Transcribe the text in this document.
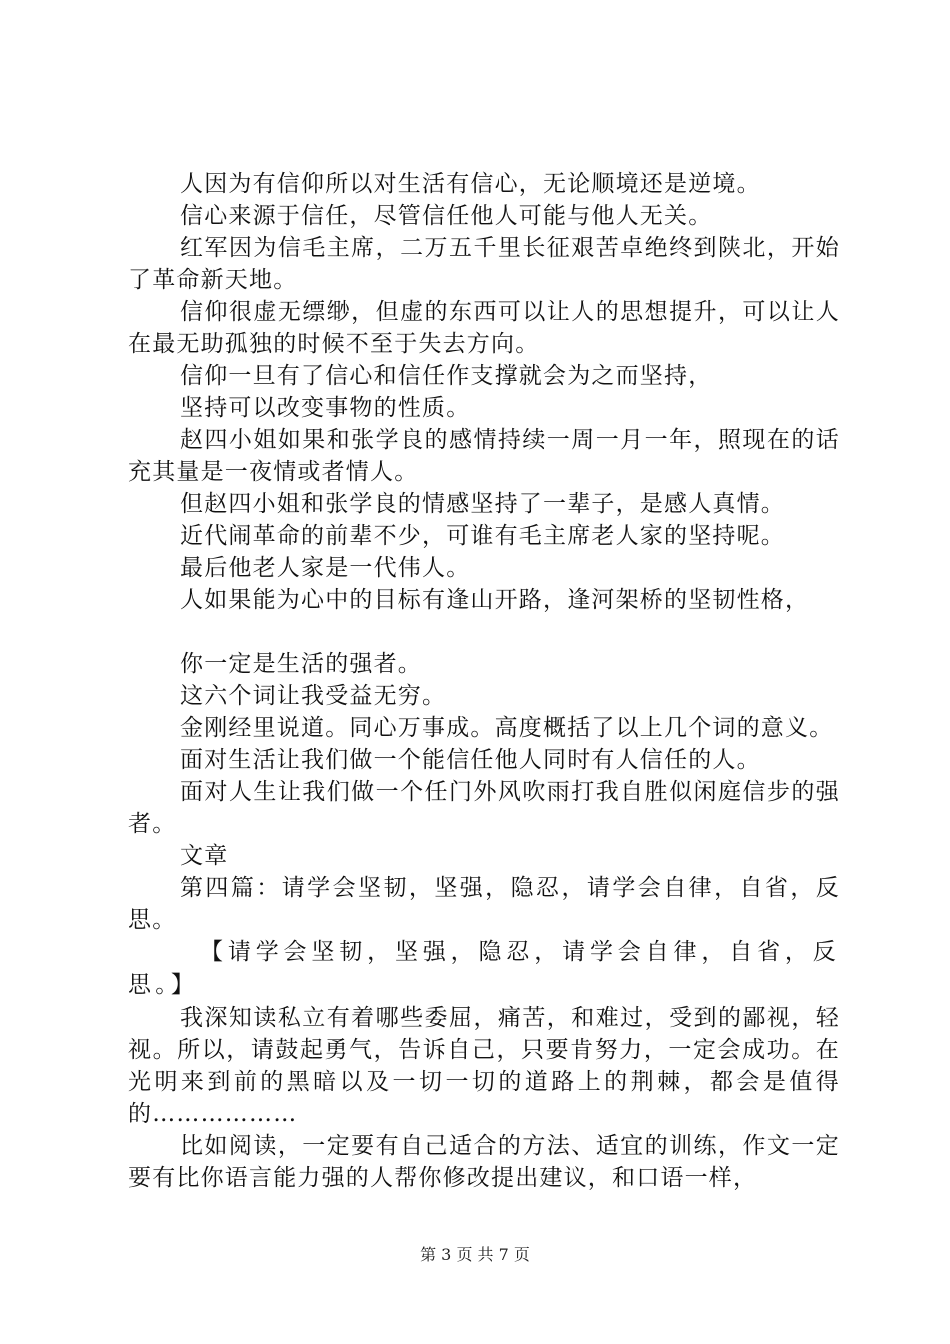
人因为有信仰所以对生活有信心，无论顺境还是逆境。

信心来源于信任，尽管信任他人可能与他人无关。

红军因为信毛主席，二万五千里长征艰苦卓绝终到陕北，开始了革命新天地。

信仰很虚无缥缈，但虚的东西可以让人的思想提升，可以让人在最无助孤独的时候不至于失去方向。

信仰一旦有了信心和信任作支撑就会为之而坚持，

坚持可以改变事物的性质。

赵四小姐如果和张学良的感情持续一周一月一年，照现在的话充其量是一夜情或者情人。

但赵四小姐和张学良的情感坚持了一辈子，是感人真情。

近代闹革命的前辈不少，可谁有毛主席老人家的坚持呢。

最后他老人家是一代伟人。

人如果能为心中的目标有逢山开路，逢河架桥的坚韧性格，

你一定是生活的强者。

这六个词让我受益无穷。

金刚经里说道。同心万事成。高度概括了以上几个词的意义。

面对生活让我们做一个能信任他人同时有人信任的人。

面对人生让我们做一个任门外风吹雨打我自胜似闲庭信步的强者。

文章

第四篇：请学会坚韧，坚强，隐忍，请学会自律，自省，反思。

【请学会坚韧，坚强，隐忍，请学会自律，自省，反思。】

我深知读私立有着哪些委屈，痛苦，和难过，受到的鄙视，轻视。所以，请鼓起勇气，告诉自己，只要肯努力，一定会成功。在光明来到前的黑暗以及一切一切的道路上的荆棘，都会是值得的………………

比如阅读，一定要有自己适合的方法、适宜的训练，作文一定要有比你语言能力强的人帮你修改提出建议，和口语一样，

第 3 页 共 7 页
